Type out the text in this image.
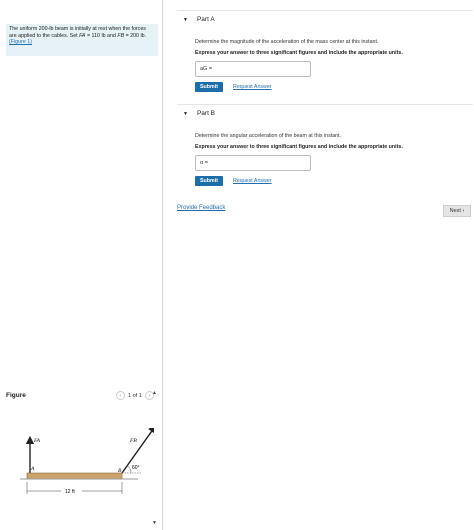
The uniform 200-lb beam is initially at rest when the forces are applied to the cables. Set FA = 110 lb and FB = 200 lb. (Figure 1)
Figure	‹	1 of 1	›
FA
A
FB
B 60°
12 ft
▲
▼
▼ Part A
Determine the magnitude of the acceleration of the mass center at this instant.
Express your answer to three significant figures and include the appropriate units.
aG =
Submit	Request Answer
▼ Part B
Determine the angular acceleration of the beam at this instant.
Express your answer to three significant figures and include the appropriate units.
α =
Submit	Request Answer
Provide Feedback	Next ›
